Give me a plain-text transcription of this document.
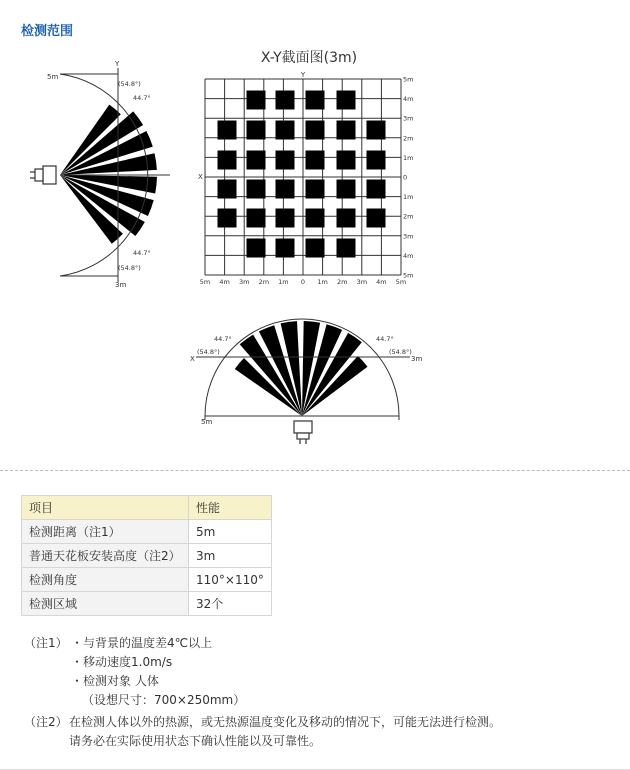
检测范围
5m
3m
Y
(54.8°)
44.7°
44.7°
(54.8°)
X-Y截面图(3m)
5m
4m
3m
2m
1m
0
1m
2m
3m
4m
5m
5m 4m 3m 2m 1m 0 1m 2m 3m 4m 5m
Y
X
X
(54.8°)
44.7°	44.7°
(54.8°)
3m
5m
项目	性能
检测距离（注1）	5m
普通天花板安装高度（注2）	3m
检测角度	110°×110°
检测区域	32个
（注1） ・与背景的温度差4℃以上
・移动速度1.0m/s
・检测对象 人体
（设想尺寸：700×250mm）
（注2） 在检测人体以外的热源，或无热源温度变化及移动的情况下，可能无法进行检测。
请务必在实际使用状态下确认性能以及可靠性。
